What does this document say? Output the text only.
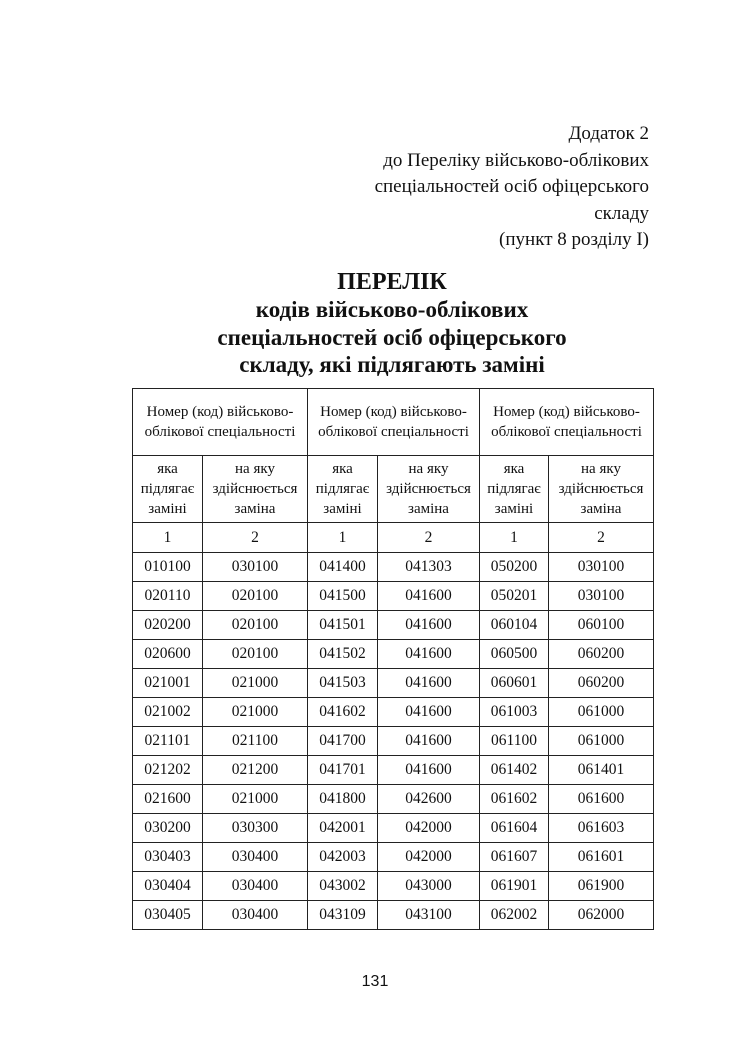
Додаток 2
до Переліку військово-облікових
спеціальностей осіб офіцерського
складу
(пункт 8 розділу I)
ПЕРЕЛІК
кодів військово-облікових
спеціальностей осіб офіцерського
складу, які підлягають заміні
Номер (код) військово-облікової спеціальності		Номер (код) військово-облікової спеціальності		Номер (код) військово-облікової спеціальності	
яка підлягає заміні	на яку здійснюється заміна	яка підлягає заміні	на яку здійснюється заміна	яка підлягає заміні	на яку здійснюється заміна
1	2	1	2	1	2
010100	030100	041400	041303	050200	030100
020110	020100	041500	041600	050201	030100
020200	020100	041501	041600	060104	060100
020600	020100	041502	041600	060500	060200
021001	021000	041503	041600	060601	060200
021002	021000	041602	041600	061003	061000
021101	021100	041700	041600	061100	061000
021202	021200	041701	041600	061402	061401
021600	021000	041800	042600	061602	061600
030200	030300	042001	042000	061604	061603
030403	030400	042003	042000	061607	061601
030404	030400	043002	043000	061901	061900
030405	030400	043109	043100	062002	062000
131
